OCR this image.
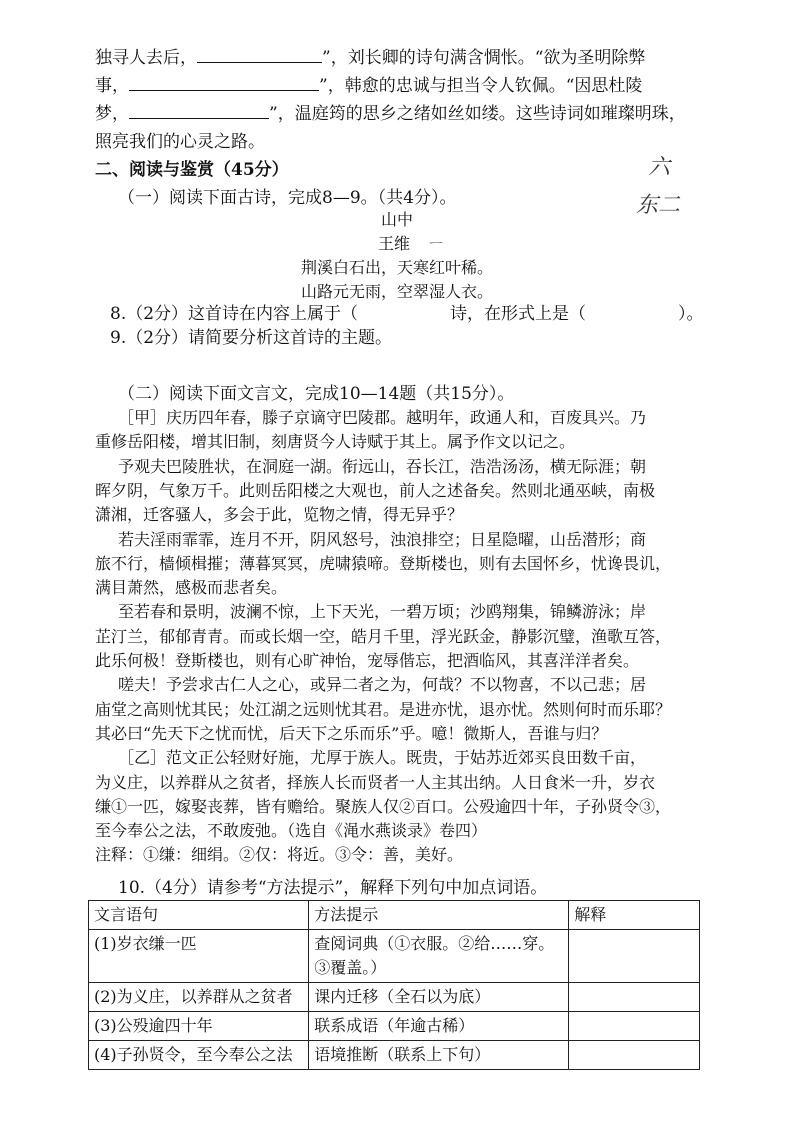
独寻人去后，	”，刘长卿的诗句满含惆怅。“欲为圣明除弊
事，	”，韩愈的忠诚与担当令人钦佩。“因思杜陵
梦，	”，温庭筠的思乡之绪如丝如缕。这些诗词如璀璨明珠，
照亮我们的心灵之路。
二、阅读与鉴赏（45分）
（一）阅读下面古诗，完成8—9。（共4分）。
六
东二
山中
王维 ㅡ
荆溪白石出，天寒红叶稀。
山路元无雨，空翠湿人衣。
8.（2分）这首诗在内容上属于（	诗，在形式上是（	）。
9.（2分）请简要分析这首诗的主题。
（二）阅读下面文言文，完成10—14题（共15分）。
［甲］庆历四年春，滕子京谪守巴陵郡。越明年，政通人和，百废具兴。乃
重修岳阳楼，增其旧制，刻唐贤今人诗赋于其上。属予作文以记之。
予观夫巴陵胜状，在洞庭一湖。衔远山，吞长江，浩浩汤汤，横无际涯；朝
晖夕阴，气象万千。此则岳阳楼之大观也，前人之述备矣。然则北通巫峡，南极
潇湘，迁客骚人，多会于此，览物之情，得无异乎？
若夫淫雨霏霏，连月不开，阴风怒号，浊浪排空；日星隐曜，山岳潜形；商
旅不行，樯倾楫摧；薄暮冥冥，虎啸猿啼。登斯楼也，则有去国怀乡，忧谗畏讥，
满目萧然，感极而悲者矣。
至若春和景明，波澜不惊，上下天光，一碧万顷；沙鸥翔集，锦鳞游泳；岸
芷汀兰，郁郁青青。而或长烟一空，皓月千里，浮光跃金，静影沉璧，渔歌互答，
此乐何极！登斯楼也，则有心旷神怡，宠辱偕忘，把酒临风，其喜洋洋者矣。
嗟夫！予尝求古仁人之心，或异二者之为，何哉？不以物喜，不以己悲；居
庙堂之高则忧其民；处江湖之远则忧其君。是进亦忧，退亦忧。然则何时而乐耶？
其必曰“先天下之忧而忧，后天下之乐而乐”乎。噫！微斯人，吾谁与归？
［乙］范文正公轻财好施，尤厚于族人。既贵，于姑苏近郊买良田数千亩，
为义庄，以养群从之贫者，择族人长而贤者一人主其出纳。人日食米一升，岁衣
缣①一匹，嫁娶丧葬，皆有赡给。聚族人仅②百口。公殁逾四十年，子孙贤令③，
至今奉公之法，不敢废弛。（选自《渑水燕谈录》卷四）
注释：①缣：细绢。②仅：将近。③令：善，美好。
10.（4分）请参考“方法提示”，解释下列句中加点词语。
文言语句	方法提示	解释
(1)岁衣缣一匹	查阅词典（①衣服。②给……穿。③覆盖。）	
(2)为义庄，以养群从之贫者	课内迁移（全石以为底）	
(3)公殁逾四十年	联系成语（年逾古稀）	
(4)子孙贤令，至今奉公之法	语境推断（联系上下句）	
